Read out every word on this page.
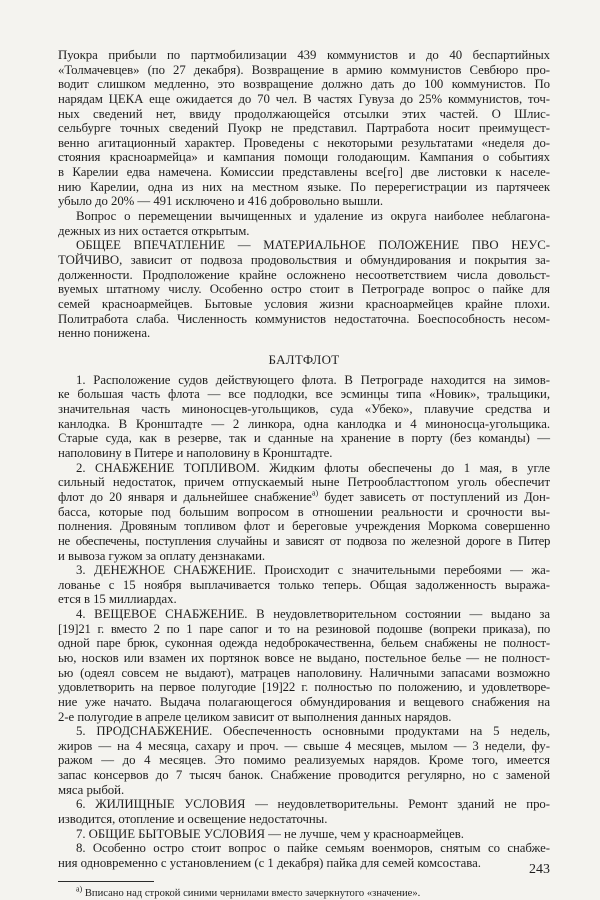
Пуокра прибыли по партмобилизации 439 коммунистов и до 40 беспартийных
«Толмачевцев» (по 27 декабря). Возвращение в армию коммунистов Севбюро про-
водит слишком медленно, это возвращение должно дать до 100 коммунистов. По
нарядам ЦЕКА еще ожидается до 70 чел. В частях Гувуза до 25% коммунистов, точ-
ных сведений нет, ввиду продолжающейся отсылки этих частей. О Шлис-
сельбурге точных сведений Пуокр не представил. Партработа носит преимущест-
венно агитационный характер. Проведены с некоторыми результатами «неделя до-
стояния красноармейца» и кампания помощи голодающим. Кампания о событиях
в Карелии едва намечена. Комиссии представлены все[го] две листовки к населе-
нию Карелии, одна из них на местном языке. По перерегистрации из партячеек
убыло до 20% — 491 исключено и 416 добровольно вышли.
Вопрос о перемещении вычищенных и удаление из округа наиболее неблагона-
дежных из них остается открытым.
ОБЩЕЕ ВПЕЧАТЛЕНИЕ — МАТЕРИАЛЬНОЕ ПОЛОЖЕНИЕ ПВО НЕУС-
ТОЙЧИВО, зависит от подвоза продовольствия и обмундирования и покрытия за-
долженности. Продположение крайне осложнено несоответствием числа довольст-
вуемых штатному числу. Особенно остро стоит в Петрограде вопрос о пайке для
семей красноармейцев. Бытовые условия жизни красноармейцев крайне плохи.
Политработа слаба. Численность коммунистов недостаточна. Боеспособность несом-
ненно понижена.
БАЛТФЛОТ
1. Расположение судов действующего флота. В Петрограде находится на зимов-
ке большая часть флота — все подлодки, все эсминцы типа «Новик», тральщики,
значительная часть миноносцев-угольщиков, суда «Убеко», плавучие средства и
канлодка. В Кронштадте — 2 линкора, одна канлодка и 4 миноносца-угольщика.
Старые суда, как в резерве, так и сданные на хранение в порту (без команды) —
наполовину в Питере и наполовину в Кронштадте.
2. СНАБЖЕНИЕ ТОПЛИВОМ. Жидким флоты обеспечены до 1 мая, в угле
сильный недостаток, причем отпускаемый ныне Петрообласттопом уголь обеспечит
флот до 20 января и дальнейшее снабжение$^{a)}$ будет зависеть от поступлений из Дон-
басса, которые под большим вопросом в отношении реальности и срочности вы-
полнения. Дровяным топливом флот и береговые учреждения Моркома совершенно
не обеспечены, поступления случайны и зависят от подвоза по железной дороге в Питер
и вывоза гужом за оплату дензнаками.
3. ДЕНЕЖНОЕ СНАБЖЕНИЕ. Происходит с значительными перебоями — жа-
лованье с 15 ноября выплачивается только теперь. Общая задолженность выража-
ется в 15 миллиардах.
4. ВЕЩЕВОЕ СНАБЖЕНИЕ. В неудовлетворительном состоянии — выдано за
[19]21 г. вместо 2 по 1 паре сапог и то на резиновой подошве (вопреки приказа), по
одной паре брюк, суконная одежда недоброкачественна, бельем снабжены не полност-
ью, носков или взамен их портянок вовсе не выдано, постельное белье — не полност-
ью (одеял совсем не выдают), матрацев наполовину. Наличными запасами возможно
удовлетворить на первое полугодие [19]22 г. полностью по положению, и удовлетворе-
ние уже начато. Выдача полагающегося обмундирования и вещевого снабжения на
2-е полугодие в апреле целиком зависит от выполнения данных нарядов.
5. ПРОДСНАБЖЕНИЕ. Обеспеченность основными продуктами на 5 недель,
жиров — на 4 месяца, сахару и проч. — свыше 4 месяцев, мылом — 3 недели, фу-
ражом — до 4 месяцев. Это помимо реализуемых нарядов. Кроме того, имеется
запас консервов до 7 тысяч банок. Снабжение проводится регулярно, но с заменой
мяса рыбой.
6. ЖИЛИЩНЫЕ УСЛОВИЯ — неудовлетворительны. Ремонт зданий не про-
изводится, отопление и освещение недостаточны.
7. ОБЩИЕ БЫТОВЫЕ УСЛОВИЯ — не лучше, чем у красноармейцев.
8. Особенно остро стоит вопрос о пайке семьям военморов, снятым со снабже-
ния одновременно с установлением (с 1 декабря) пайка для семей комсостава.
$^{a)}$ Вписано над строкой синими чернилами вместо зачеркнутого «значение».
243
